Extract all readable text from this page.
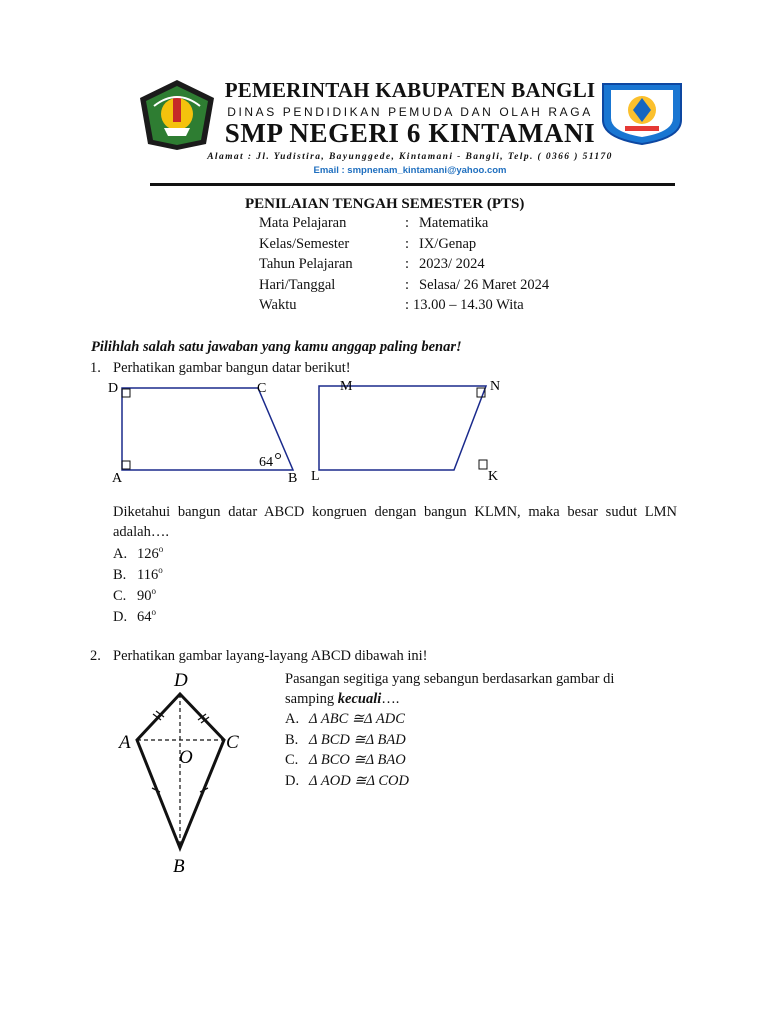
PEMERINTAH KABUPATEN BANGLI
DINAS PENDIDIKAN PEMUDA DAN OLAH RAGA
SMP NEGERI 6 KINTAMANI
Alamat : Jl. Yudistira, Bayunggede, Kintamani - Bangli, Telp. ( 0366 ) 51170
Email : smpnenam_kintamani@yahoo.com
PENILAIAN TENGAH SEMESTER (PTS)
Mata Pelajaran	: Matematika
Kelas/Semester	: IX/Genap
Tahun Pelajaran	: 2023/ 2024
Hari/Tanggal	: Selasa/ 26 Maret 2024
Waktu	: 13.00 – 14.30 Wita
Pilihlah salah satu jawaban yang kamu anggap paling benar!
1. Perhatikan gambar bangun datar berikut!
D	C
A	B
64
M	N
L	K
Diketahui bangun datar ABCD kongruen dengan bangun KLMN, maka besar sudut LMN
adalah….
A. 126$^o$
B. 116$^o$
C. 90$^o$
D. 64$^o$
2. Perhatikan gambar layang-layang ABCD dibawah ini!
D
A	C
O
B
Pasangan segitiga yang sebangun berdasarkan gambar di
samping kecuali….
A. Δ ABC ≅Δ ADC
B. Δ BCD ≅Δ BAD
C. Δ BCO ≅Δ BAO
D. Δ AOD ≅Δ COD
